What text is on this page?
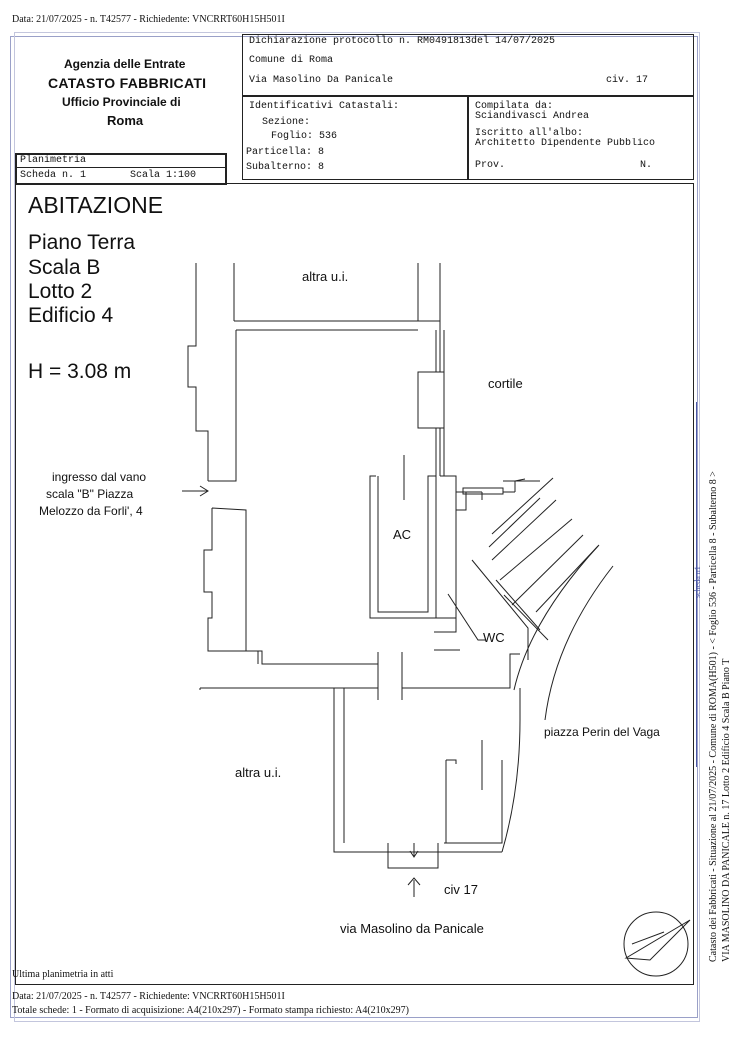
Data: 21/07/2025 - n. T42577 - Richiedente: VNCRRT60H15H501I
Agenzia delle Entrate
CATASTO FABBRICATI
Ufficio Provinciale di
Roma
Dichiarazione protocollo n. RM0491813del 14/07/2025
Comune di Roma
Via Masolino Da Panicale	civ. 17
Identificativi Catastali:
Sezione:
Foglio: 536
Particella: 8
Subalterno: 8
Compilata da:
Sciandivasci Andrea
Iscritto all'albo:
Architetto Dipendente Pubblico
Prov.	N.
Planimetria
Scheda n. 1	Scala 1:100
ABITAZIONE
Piano Terra
Scala B
Lotto 2
Edificio 4
H = 3.08 m
altra u.i.
cortile
ingresso dal vano
scala "B" Piazza
Melozzo da Forli', 4
AC
WC
altra u.i.
piazza Perin del Vaga
civ 17
via Masolino da Panicale	Catasto dei Fabbricati - Situazione al 21/07/2025 - Comune di ROMA(H501) - < Foglio 536 - Particella 8 - Subalterno 8 > VIA MASOLINO DA PANICALE n. 17 Lotto 2 Edificio 4 Scala B Piano T
scheda n1
Ultima planimetria in atti
Data: 21/07/2025 - n. T42577 - Richiedente: VNCRRT60H15H501I
Totale schede: 1 - Formato di acquisizione: A4(210x297) - Formato stampa richiesto: A4(210x297)
